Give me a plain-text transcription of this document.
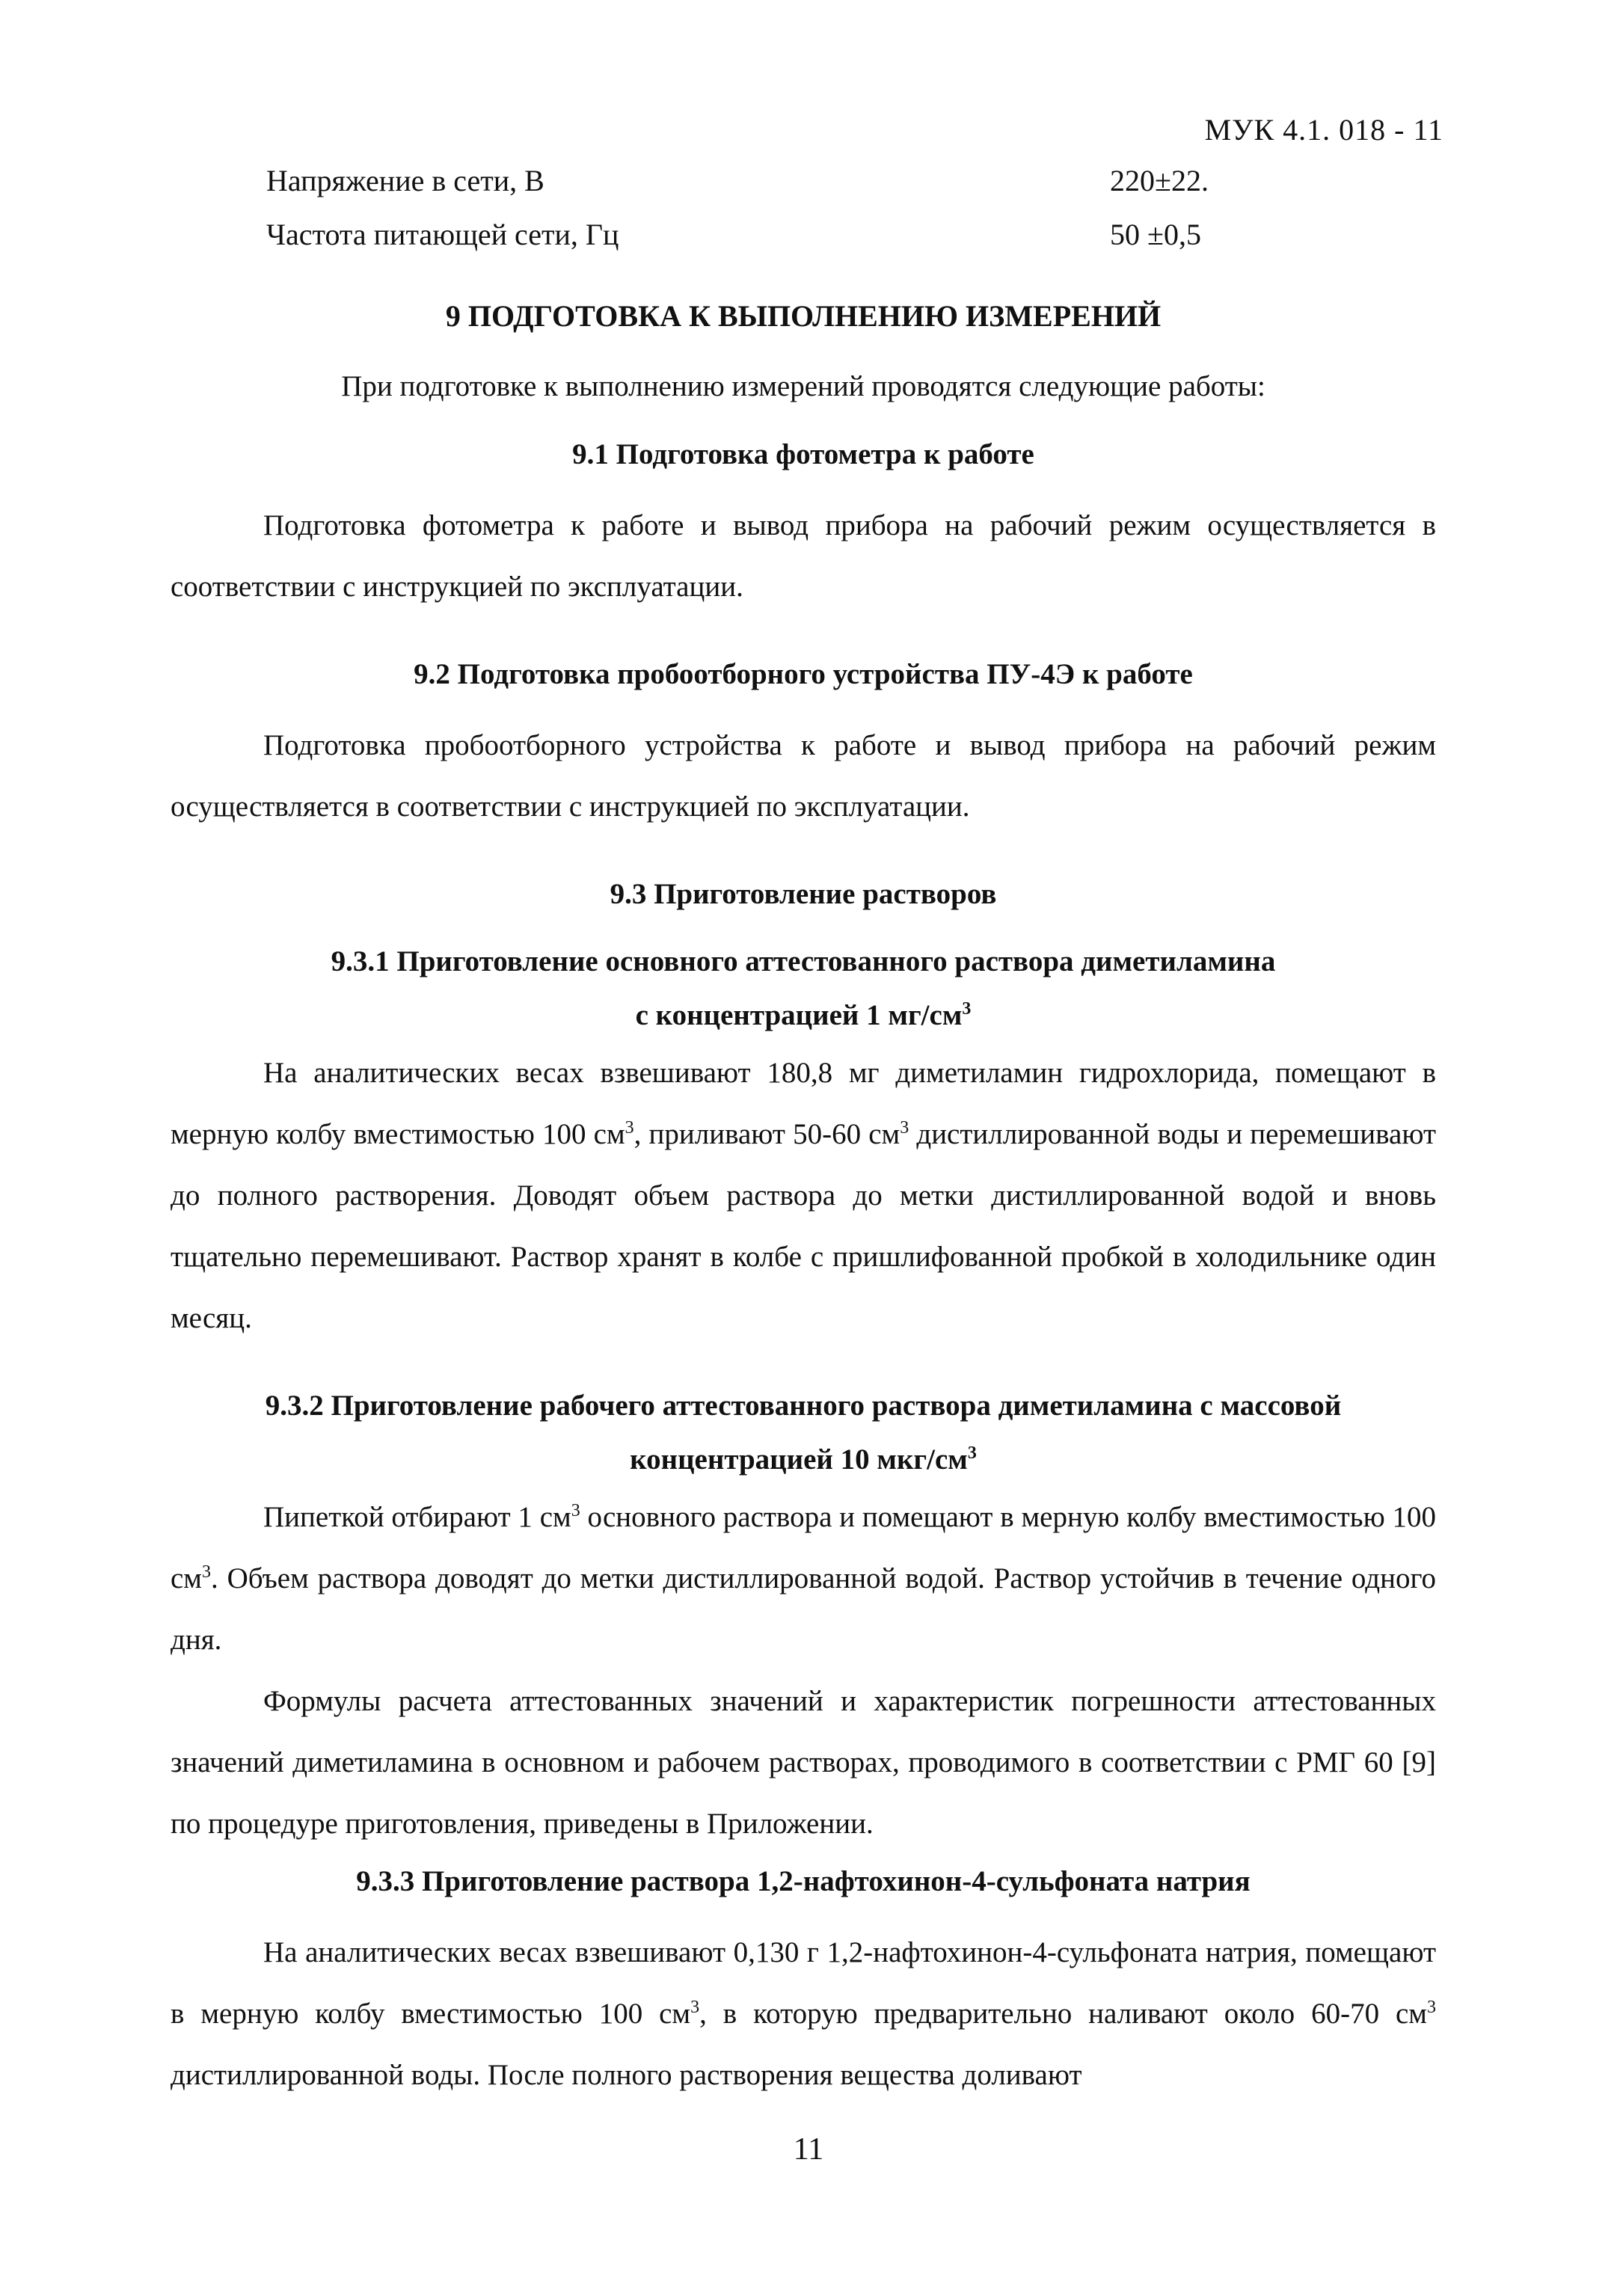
МУК 4.1. 018 - 11
Напряжение в сети, В	220±22.
Частота питающей сети, Гц	50 ±0,5
9 ПОДГОТОВКА К ВЫПОЛНЕНИЮ ИЗМЕРЕНИЙ

При подготовке к выполнению измерений проводятся следующие работы:

9.1 Подготовка фотометра к работе

Подготовка фотометра к работе и вывод прибора на рабочий режим осуществляется в соответствии с инструкцией по эксплуатации.

9.2 Подготовка пробоотборного устройства ПУ-4Э к работе

Подготовка пробоотборного устройства к работе и вывод прибора на рабочий режим осуществляется в соответствии с инструкцией по эксплуатации.

9.3 Приготовление растворов
9.3.1 Приготовление основного аттестованного раствора диметиламина
с концентрацией 1 $мг/см^3$

На аналитических весах взвешивают 180,8 мг диметиламин гидрохлорида, помещают в мерную колбу вместимостью 100 $см^3$, приливают 50-60 $см^3$ дистиллированной воды и перемешивают до полного растворения. Доводят объем раствора до метки дистиллированной водой и вновь тщательно перемешивают. Раствор хранят в колбе с пришлифованной пробкой в холодильнике один месяц.

9.3.2 Приготовление рабочего аттестованного раствора диметиламина с массовой
концентрацией 10 мкг/$см^3$

Пипеткой отбирают 1 $см^3$ основного раствора и помещают в мерную колбу вместимостью 100 $см^3$. Объем раствора доводят до метки дистиллированной водой. Раствор устойчив в течение одного дня.

Формулы расчета аттестованных значений и характеристик погрешности аттестованных значений диметиламина в основном и рабочем растворах, проводимого в соответствии с РМГ 60 [9] по процедуре приготовления, приведены в Приложении.

9.3.3 Приготовление раствора 1,2-нафтохинон-4-сульфоната натрия

На аналитических весах взвешивают 0,130 г 1,2-нафтохинон-4-сульфоната натрия, помещают в мерную колбу вместимостью 100 $см^3$, в которую предварительно наливают около 60-70 $см^3$ дистиллированной воды. После полного растворения вещества доливают

11
